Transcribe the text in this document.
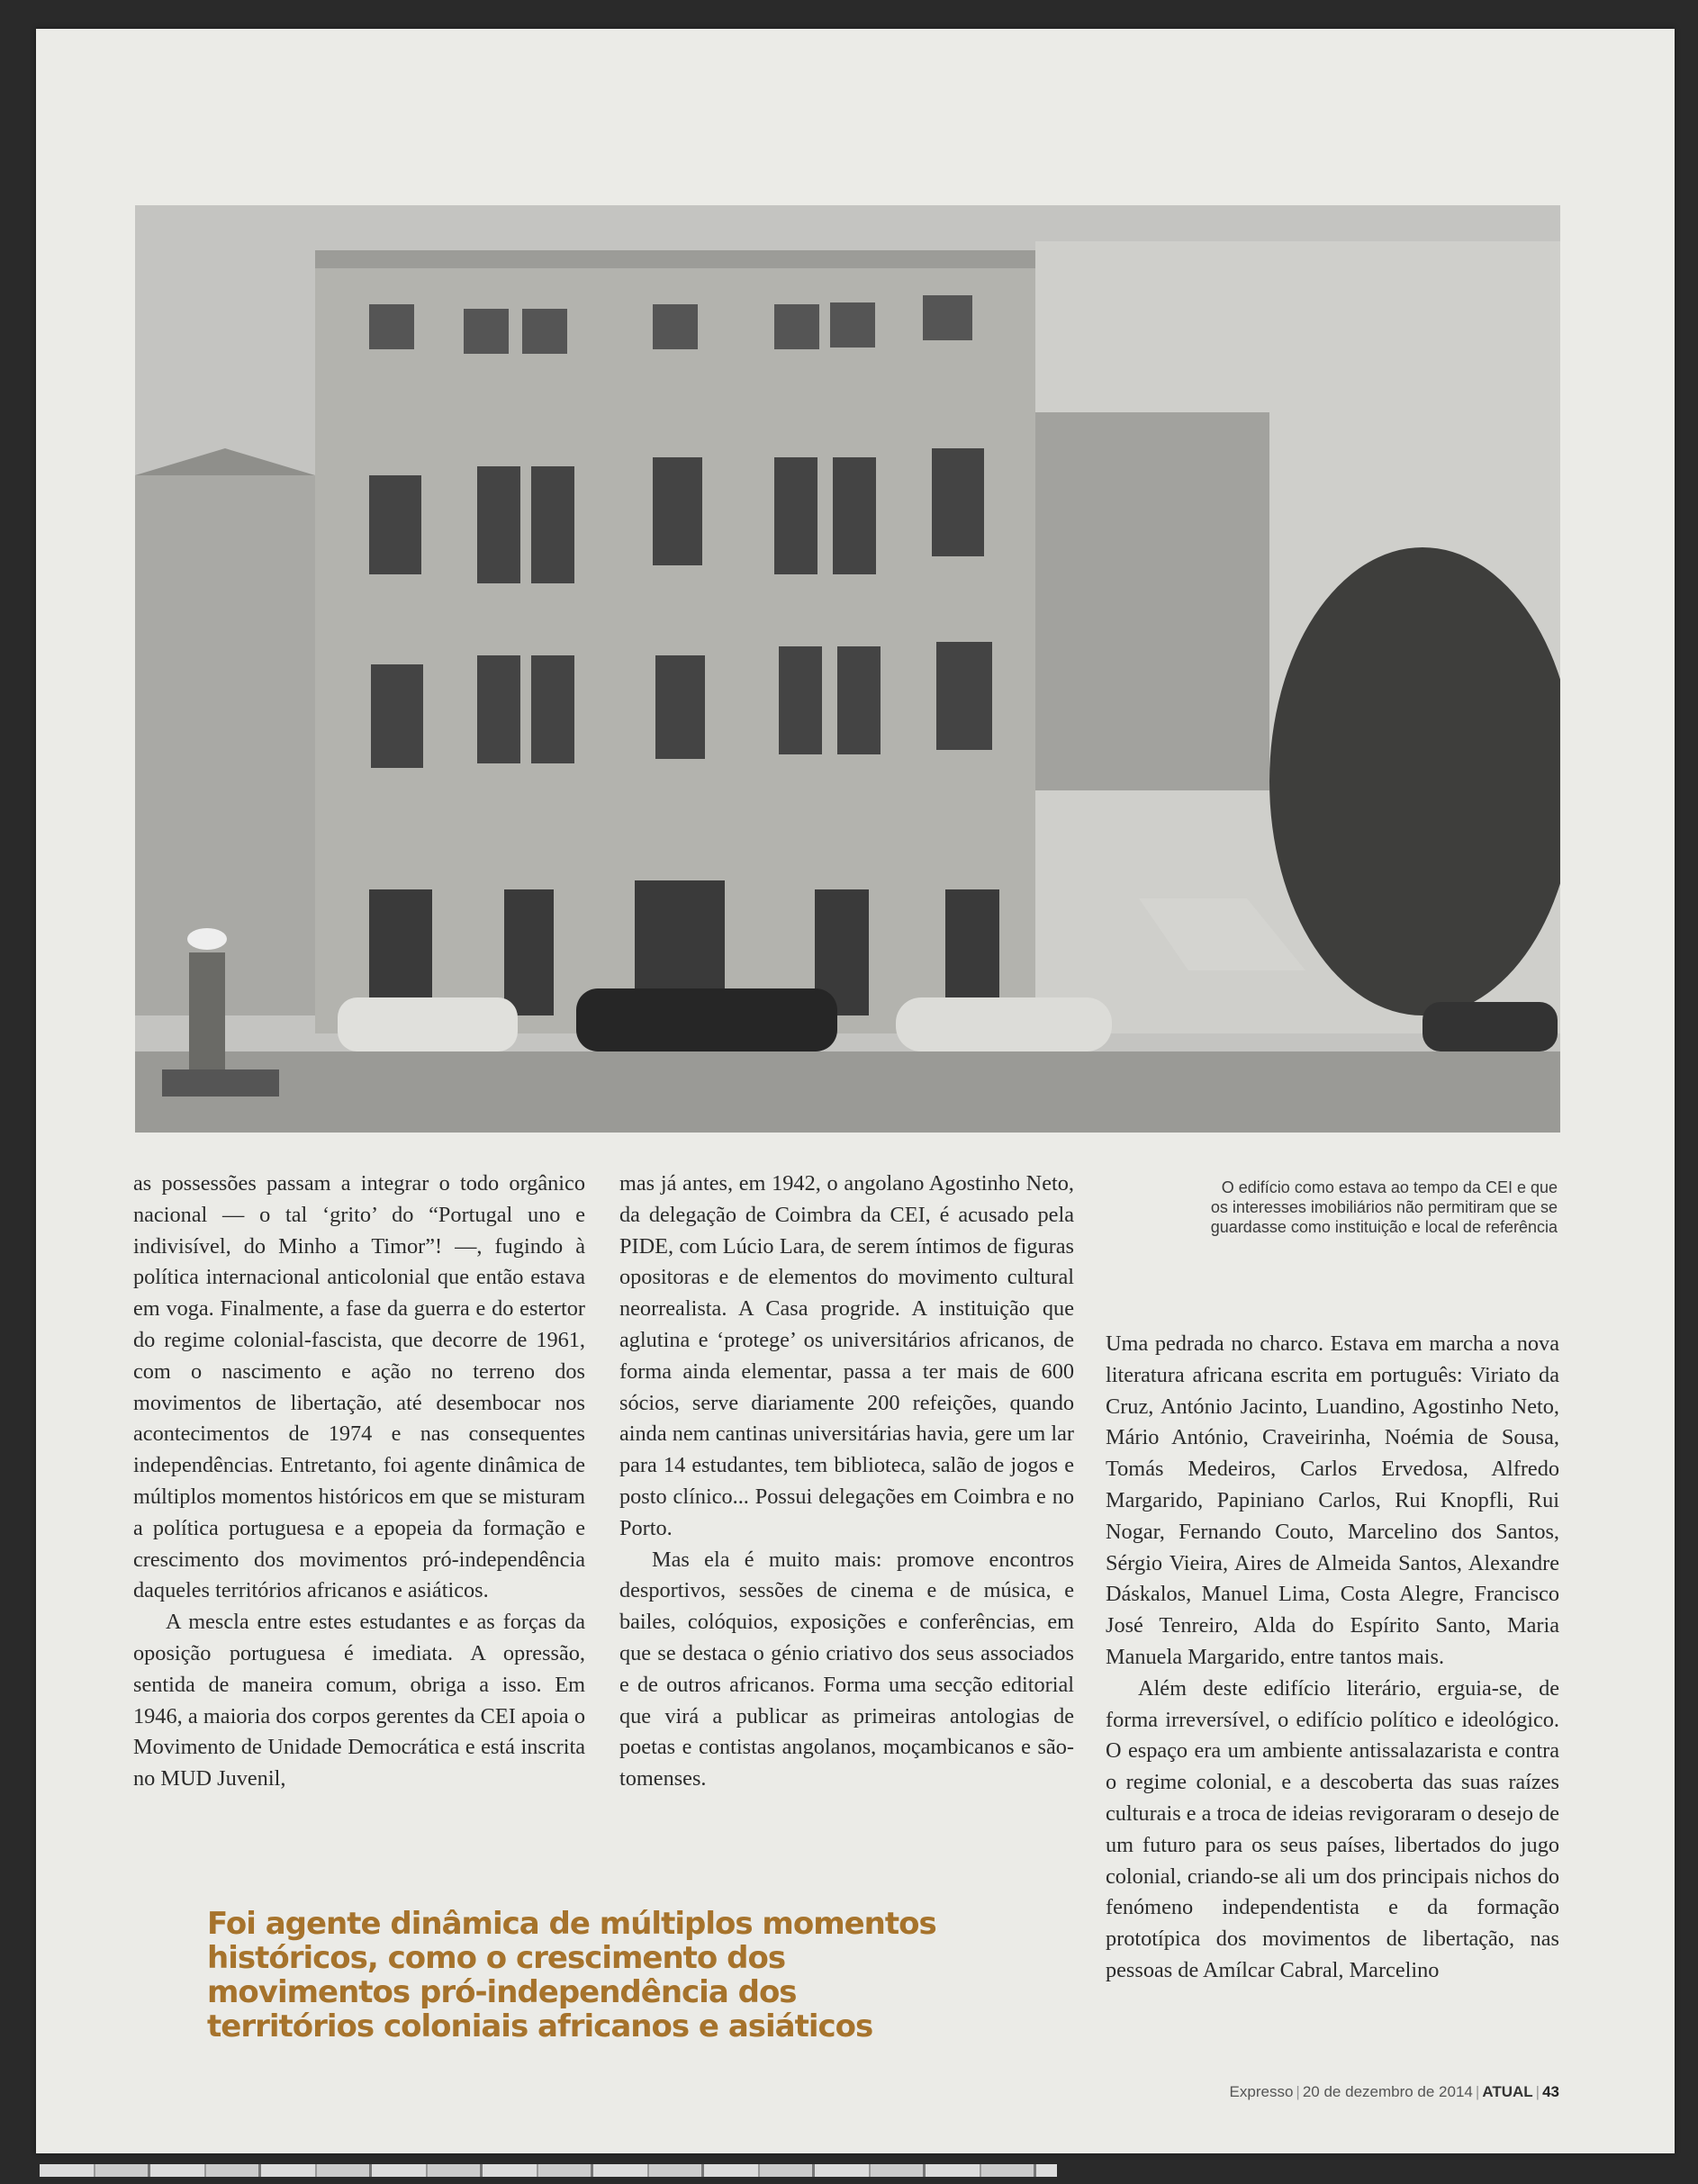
O edifício como estava ao tempo da CEI e que os interesses imobiliários não permitiram que se guardasse como instituição e local de referência

as possessões passam a integrar o todo orgânico nacional — o tal ‘grito’ do “Portugal uno e indivisível, do Minho a Timor”! —, fugindo à política internacional anticolonial que então estava em voga. Finalmente, a fase da guerra e do estertor do regime colonial-fascista, que decorre de 1961, com o nascimento e ação no terreno dos movimentos de libertação, até desembocar nos acontecimentos de 1974 e nas consequentes independências. Entretanto, foi agente dinâmica de múltiplos momentos históricos em que se misturam a política portuguesa e a epopeia da formação e crescimento dos movimentos pró-independência daqueles territórios africanos e asiáticos.

A mescla entre estes estudantes e as forças da oposição portuguesa é imediata. A opressão, sentida de maneira comum, obriga a isso. Em 1946, a maioria dos corpos gerentes da CEI apoia o Movimento de Unidade Democrática e está inscrita no MUD Juvenil,

mas já antes, em 1942, o angolano Agostinho Neto, da delegação de Coimbra da CEI, é acusado pela PIDE, com Lúcio Lara, de serem íntimos de figuras opositoras e de elementos do movimento cultural neorrealista. A Casa progride. A instituição que aglutina e ‘protege’ os universitários africanos, de forma ainda elementar, passa a ter mais de 600 sócios, serve diariamente 200 refeições, quando ainda nem cantinas universitárias havia, gere um lar para 14 estudantes, tem biblioteca, salão de jogos e posto clínico... Possui delegações em Coimbra e no Porto.

Mas ela é muito mais: promove encontros desportivos, sessões de cinema e de música, e bailes, colóquios, exposições e conferências, em que se destaca o génio criativo dos seus associados e de outros africanos. Forma uma secção editorial que virá a publicar as primeiras antologias de poetas e contistas angolanos, moçambicanos e são-tomenses.

Uma pedrada no charco. Estava em marcha a nova literatura africana escrita em português: Viriato da Cruz, António Jacinto, Luandino, Agostinho Neto, Mário António, Craveirinha, Noémia de Sousa, Tomás Medeiros, Carlos Ervedosa, Alfredo Margarido, Papiniano Carlos, Rui Knopfli, Rui Nogar, Fernando Couto, Marcelino dos Santos, Sérgio Vieira, Aires de Almeida Santos, Alexandre Dáskalos, Manuel Lima, Costa Alegre, Francisco José Tenreiro, Alda do Espírito Santo, Maria Manuela Margarido, entre tantos mais.

Além deste edifício literário, erguia-se, de forma irreversível, o edifício político e ideológico. O espaço era um ambiente antissalazarista e contra o regime colonial, e a descoberta das suas raízes culturais e a troca de ideias revigoraram o desejo de um futuro para os seus países, libertados do jugo colonial, criando-se ali um dos principais nichos do fenómeno independentista e da formação prototípica dos movimentos de libertação, nas pessoas de Amílcar Cabral, Marcelino

Foi agente dinâmica de múltiplos momentos históricos, como o crescimento dos movimentos pró-independência dos territórios coloniais africanos e asiáticos
Expresso | 20 de dezembro de 2014 | ATUAL | 43
